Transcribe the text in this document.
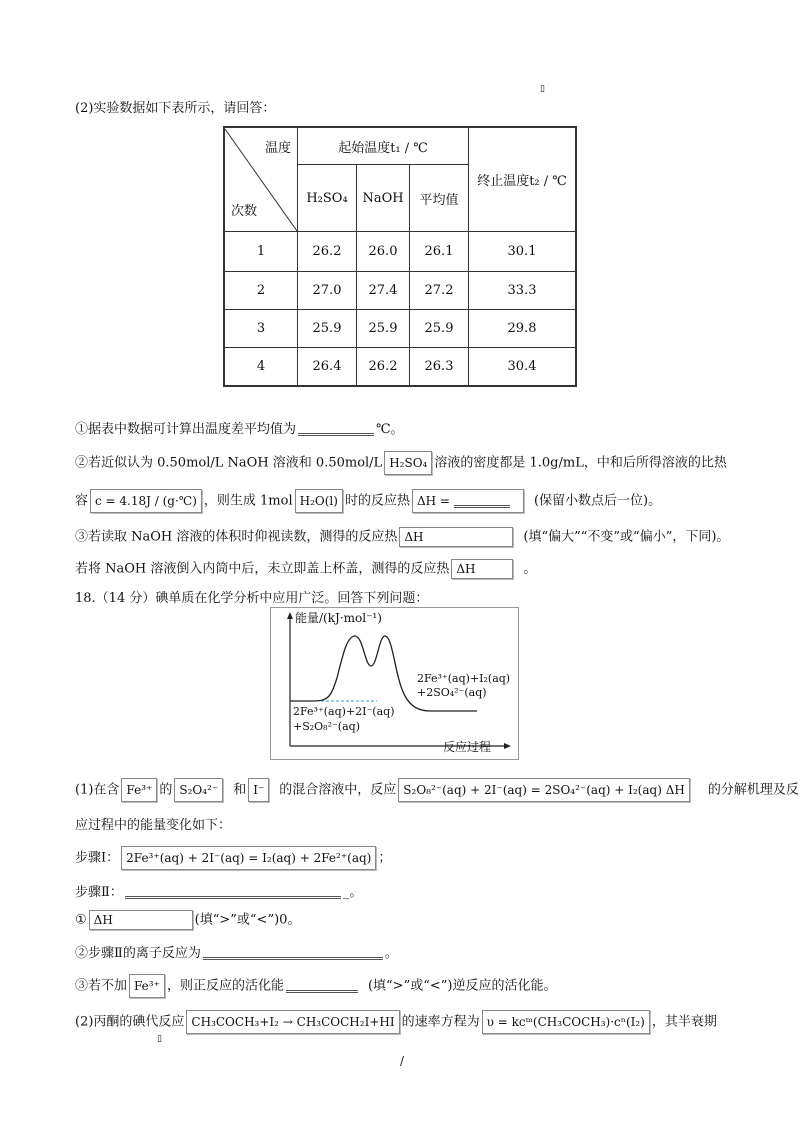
▯
(2)实验数据如下表所示，请回答：
温度
次数	起始温度t₁ / ℃			终止温度t₂ / ℃
	H₂SO₄	NaOH	平均值	
1	26.2	26.0	26.1	30.1
2	27.0	27.4	27.2	33.3
3	25.9	25.9	25.9	29.8
4	26.4	26.2	26.3	30.4
①据表中数据可计算出温度差平均值为	℃。
②若近似认为 0.50mol/L NaOH 溶液和 0.50mol/L H₂SO₄ 溶液的密度都是 1.0g/mL，中和后所得溶液的比热
容 c = 4.18J / (g·℃) ，则生成 1mol H₂O(l) 时的反应热 ΔH =	(保留小数点后一位)。
③若读取 NaOH 溶液的体积时仰视读数，测得的反应热 ΔH	(填“偏大”“不变”或“偏小”，下同)。
若将 NaOH 溶液倒入内筒中后，未立即盖上杯盖，测得的反应热 ΔH	。
18.（14 分）碘单质在化学分析中应用广泛。回答下列问题：
能量/(kJ·mol⁻¹)
2Fe³⁺(aq)+I₂(aq)
+2SO₄²⁻(aq)
2Fe³⁺(aq)+2I⁻(aq)
+S₂O₈²⁻(aq)
反应过程
(1)在含 Fe³⁺ 的 S₂O₄²⁻ 和 I⁻ 的混合溶液中，反应 S₂O₈²⁻(aq) + 2I⁻(aq) = 2SO₄²⁻(aq) + I₂(aq) ΔH 的分解机理及反
应过程中的能量变化如下：
步骤Ⅰ： 2Fe³⁺(aq) + 2I⁻(aq) = I₂(aq) + 2Fe²⁺(aq) ；
步骤Ⅱ：	_。
① ΔH	(填“>”或“<”)0。
②步骤Ⅱ的离子反应为	。
③若不加 Fe³⁺ ，则正反应的活化能	(填“>”或“<”)逆反应的活化能。
(2)丙酮的碘代反应 CH₃COCH₃+I₂ → CH₃COCH₂I+HI 的速率方程为 υ = kcᵐ(CH₃COCH₃)·cⁿ(I₂) ，其半衰期
▯
/
